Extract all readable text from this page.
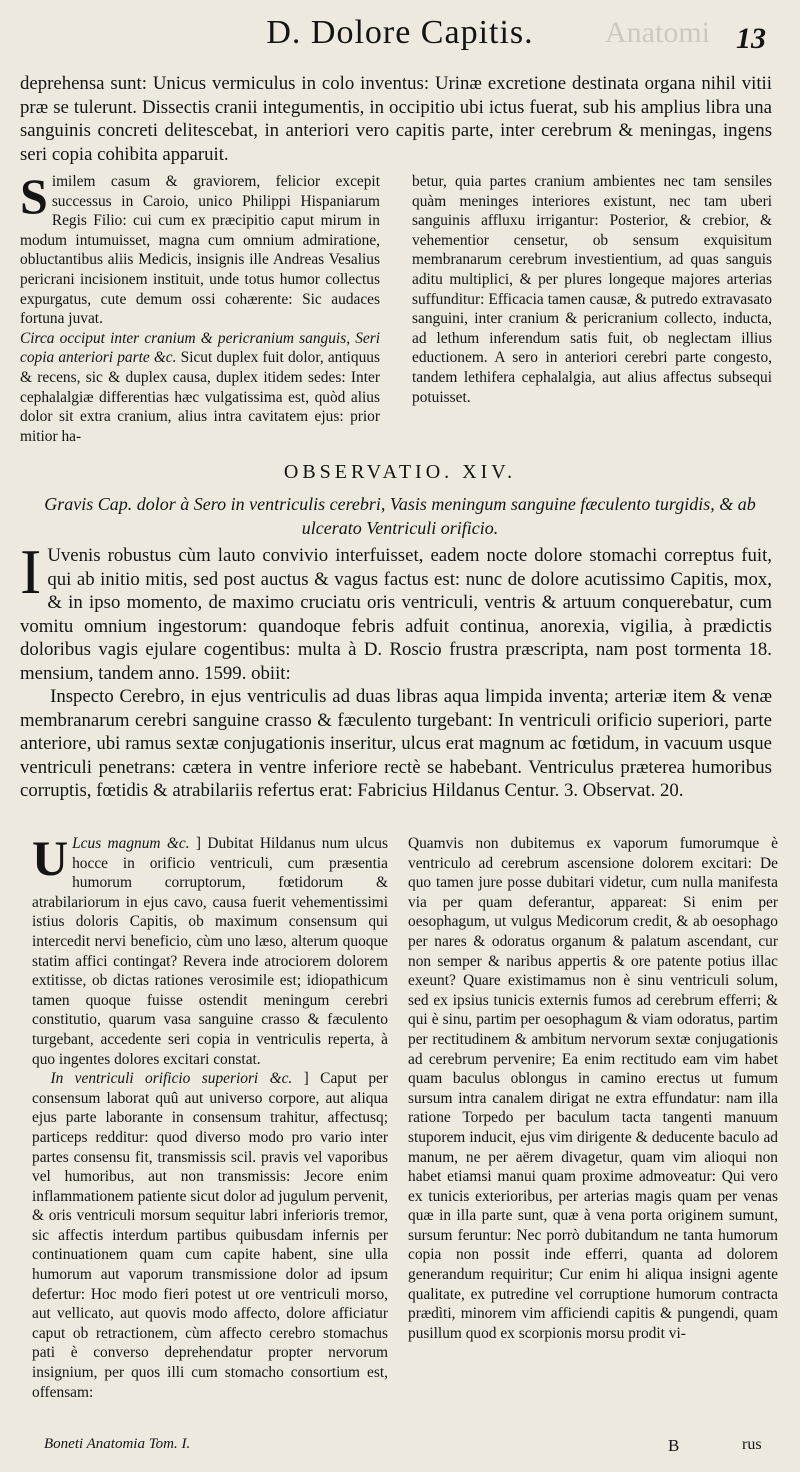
Anatomi
D. Dolore Capitis.	13

deprehensa sunt: Unicus vermiculus in colo inventus: Urinæ excretione destinata organa nihil vitii præ se tulerunt. Dissectis cranii integumentis, in occipitio ubi ictus fuerat, sub his amplius libra una sanguinis concreti delitescebat, in anteriori vero capitis parte, inter cerebrum & meningas, ingens seri copia cohibita apparuit.

Similem casum & graviorem, felicior excepit successus in Caroio, unico Philippi Hispaniarum Regis Filio: cui cum ex præcipitio caput mirum in modum intumuisset, magna cum omnium admiratione, obluctantibus aliis Medicis, insignis ille Andreas Vesalius pericrani incisionem instituit, unde totus humor collectus expurgatus, cute demum ossi cohærente: Sic audaces fortuna juvat.

Circa occiput inter cranium & pericranium sanguis, Seri copia anteriori parte &c. Sicut duplex fuit dolor, antiquus & recens, sic & duplex causa, duplex itidem sedes: Inter cephalalgiæ differentias hæc vulgatissima est, quòd alius dolor sit extra cranium, alius intra cavitatem ejus: prior mitior ha-

betur, quia partes cranium ambientes nec tam sensiles quàm meninges interiores existunt, nec tam uberi sanguinis affluxu irrigantur: Posterior, & crebior, & vehementior censetur, ob sensum exquisitum membranarum cerebrum investientium, ad quas sanguis aditu multiplici, & per plures longeque majores arterias suffunditur: Efficacia tamen causæ, & putredo extravasato sanguini, inter cranium & pericranium collecto, inducta, ad lethum inferendum satis fuit, ob neglectam illius eductionem. A sero in anteriori cerebri parte congesto, tandem lethifera cephalalgia, aut alius affectus subsequi potuisset.

OBSERVATIO. XIV.
Gravis Cap. dolor à Sero in ventriculis cerebri, Vasis meningum sanguine fæculento turgidis, & ab ulcerato Ventriculi orificio.

I Uvenis robustus cùm lauto convivio interfuisset, eadem nocte dolore stomachi correptus fuit, qui ab initio mitis, sed post auctus & vagus factus est: nunc de dolore acutissimo Capitis, mox, & in ipso momento, de maximo cruciatu oris ventriculi, ventris & artuum conquerebatur, cum vomitu omnium ingestorum: quandoque febris adfuit continua, anorexia, vigilia, à prædictis doloribus vagis ejulare cogentibus: multa à D. Roscio frustra præscripta, nam post tormenta 18. mensium, tandem anno. 1599. obiit:

Inspecto Cerebro, in ejus ventriculis ad duas libras aqua limpida inventa; arteriæ item & venæ membranarum cerebri sanguine crasso & fæculento turgebant: In ventriculi orificio superiori, parte anteriore, ubi ramus sextæ conjugationis inseritur, ulcus erat magnum ac fœtidum, in vacuum usque ventriculi penetrans: cætera in ventre inferiore rectè se habebant. Ventriculus præterea humoribus corruptis, fœtidis & atrabilariis refertus erat: Fabricius Hildanus Centur. 3. Observat. 20.

U Lcus magnum &c. ] Dubitat Hildanus num ulcus hocce in orificio ventriculi, cum præsentia humorum corruptorum, fœtidorum & atrabilariorum in ejus cavo, causa fuerit vehementissimi istius doloris Capitis, ob maximum consensum qui intercedit nervi beneficio, cùm uno læso, alterum quoque statim affici contingat? Revera inde atrociorem dolorem extitisse, ob dictas rationes verosimile est; idiopathicum tamen quoque fuisse ostendit meningum cerebri constitutio, quarum vasa sanguine crasso & fæculento turgebant, accedente seri copia in ventriculis reperta, à quo ingentes dolores excitari constat.

In ventriculi orificio superiori &c. ] Caput per consensum laborat quû aut universo corpore, aut aliqua ejus parte laborante in consensum trahitur, affectusq; particeps redditur: quod diverso modo pro vario inter partes consensu fit, transmissis scil. pravis vel vaporibus vel humoribus, aut non transmissis: Jecore enim inflammationem patiente sicut dolor ad jugulum pervenit, & oris ventriculi morsum sequitur labri inferioris tremor, sic affectis interdum partibus quibusdam infernis per continuationem quam cum capite habent, sine ulla humorum aut vaporum transmissione dolor ad ipsum defertur: Hoc modo fieri potest ut ore ventriculi morso, aut vellicato, aut quovis modo affecto, dolore afficiatur caput ob retractionem, cùm affecto cerebro stomachus pati è converso deprehendatur propter nervorum insignium, per quos illi cum stomacho consortium est, offensam:

Quamvis non dubitemus ex vaporum fumorumque è ventriculo ad cerebrum ascensione dolorem excitari: De quo tamen jure posse dubitari videtur, cum nulla manifesta via per quam deferantur, appareat: Si enim per oesophagum, ut vulgus Medicorum credit, & ab oesophago per nares & odoratus organum & palatum ascendant, cur non semper & naribus appertis & ore patente potius illac exeunt? Quare existimamus non è sinu ventriculi solum, sed ex ipsius tunicis externis fumos ad cerebrum efferri; & qui è sinu, partim per oesophagum & viam odoratus, partim per rectitudinem & ambitum nervorum sextæ conjugationis ad cerebrum pervenire; Ea enim rectitudo eam vim habet quam baculus oblongus in camino erectus ut fumum sursum intra canalem dirigat ne extra effundatur: nam illa ratione Torpedo per baculum tacta tangenti manuum stuporem inducit, ejus vim dirigente & deducente baculo ad manum, ne per aërem divagetur, quam vim alioqui non habet etiamsi manui quam proxime admoveatur: Qui vero ex tunicis exterioribus, per arterias magis quam per venas quæ in illa parte sunt, quæ à vena porta originem sumunt, sursum feruntur: Nec porrò dubitandum ne tanta humorum copia non possit inde efferri, quanta ad dolorem generandum requiritur; Cur enim hi aliqua insigni agente qualitate, ex putredine vel corruptione humorum contracta prædìti, minorem vim afficiendi capitis & pungendi, quam pusillum quod ex scorpionis morsu prodit vi-

Boneti Anatomia Tom. I.	B	rus
